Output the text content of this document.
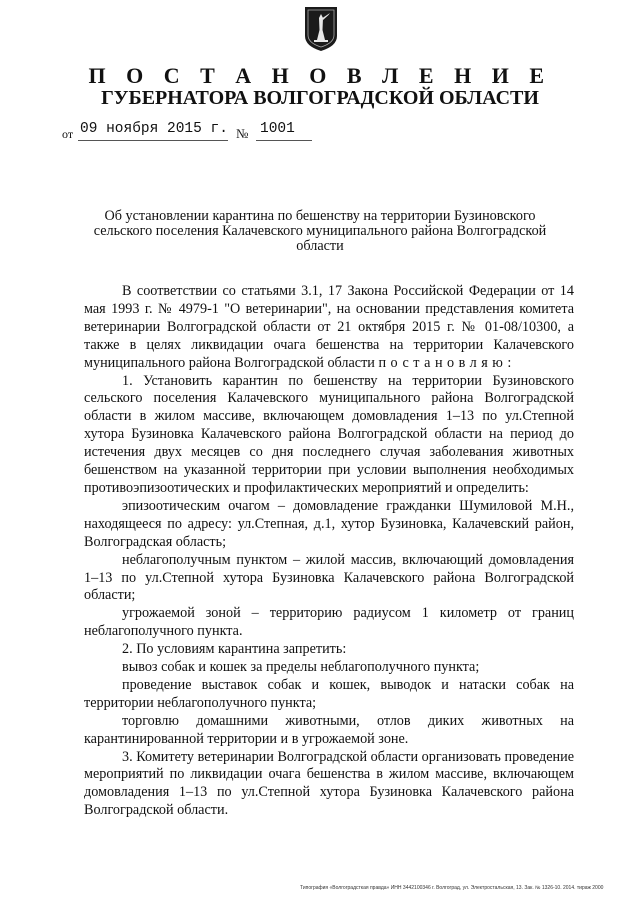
П О С Т А Н О В Л Е Н И Е
ГУБЕРНАТОРА ВОЛГОГРАДСКОЙ ОБЛАСТИ
от 09 ноября 2015 г. № 1001
Об установлении карантина по бешенству на территории Бузиновского сельского поселения Калачевского муниципального района Волгоградской области

В соответствии со статьями 3.1, 17 Закона Российской Федерации от 14 мая 1993 г. № 4979-1 "О ветеринарии", на основании представления комитета ветеринарии Волгоградской области от 21 октября 2015 г. № 01-08/10300, а также в целях ликвидации очага бешенства на территории Калачевского муниципального района Волгоградской области постановляю:

1. Установить карантин по бешенству на территории Бузиновского сельского поселения Калачевского муниципального района Волгоградской области в жилом массиве, включающем домовладения 1–13 по ул.Степной хутора Бузиновка Калачевского района Волгоградской области на период до истечения двух месяцев со дня последнего случая заболевания животных бешенством на указанной территории при условии выполнения необходимых противоэпизоотических и профилактических мероприятий и определить:

эпизоотическим очагом – домовладение гражданки Шумиловой М.Н., находящееся по адресу: ул.Степная, д.1, хутор Бузиновка, Калачевский район, Волгоградская область;

неблагополучным пунктом – жилой массив, включающий домовладения 1–13 по ул.Степной хутора Бузиновка Калачевского района Волгоградской области;

угрожаемой зоной – территорию радиусом 1 километр от границ неблагополучного пункта.

2. По условиям карантина запретить:

вывоз собак и кошек за пределы неблагополучного пункта;

проведение выставок собак и кошек, выводок и натаски собак на территории неблагополучного пункта;

торговлю домашними животными, отлов диких животных на карантинированной территории и в угрожаемой зоне.

3. Комитету ветеринарии Волгоградской области организовать проведение мероприятий по ликвидации очага бешенства в жилом массиве, включающем домовладения 1–13 по ул.Степной хутора Бузиновка Калачевского района Волгоградской области.

Типография «Волгоградсткая правда» ИНН 3442100346 г. Волгоград, ул. Электростальская, 13. Зак. № 1326-10. 2014. тираж 2000
